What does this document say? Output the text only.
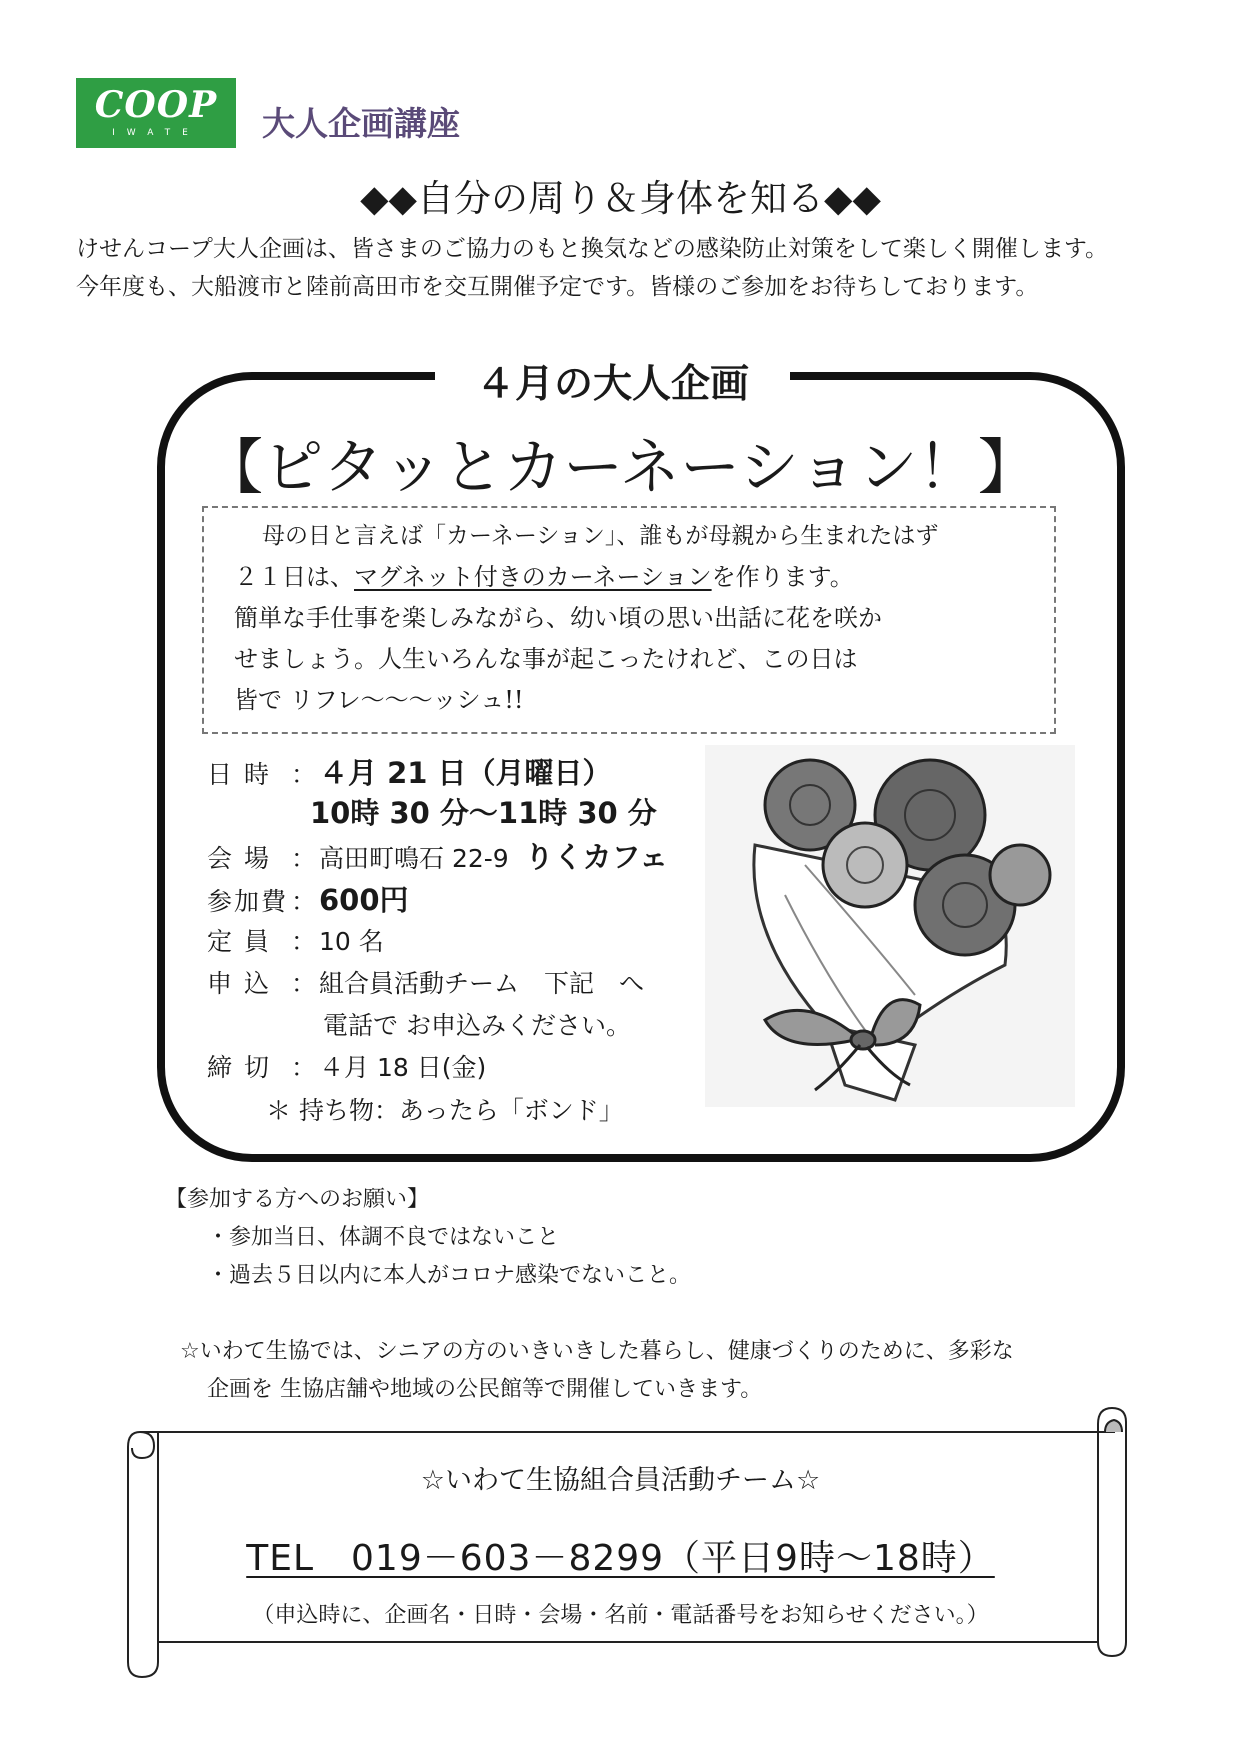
COOP
IWATE	大人企画講座
◆◆自分の周り＆身体を知る◆◆
けせんコープ大人企画は、皆さまのご協力のもと換気などの感染防止対策をして楽しく開催します。
今年度も、大船渡市と陸前高田市を交互開催予定です。皆様のご参加をお待ちしております。
４月の大人企画
【ピタッとカーネーション！】
母の日と言えば「カーネーション」、誰もが母親から生まれたはず
２１日は、マグネット付きのカーネーションを作ります。
簡単な手仕事を楽しみながら、幼い頃の思い出話に花を咲か
せましょう。人生いろんな事が起こったけれど、この日は
皆で リフレ～～～ッシュ!!
日 時 ： ４月 21 日（月曜日）
10時 30 分～11時 30 分
会 場 ： 高田町鳴石 22-9 りくカフェ
参加費 ： 600円
定 員 ： 10 名
申 込 ： 組合員活動チーム　下記　へ
電話で お申込みください。
締 切 ： ４月 18 日(金)
＊ 持ち物：あったら「ボンド」
【参加する方へのお願い】
・参加当日、体調不良ではないこと
・過去５日以内に本人がコロナ感染でないこと。
☆いわて生協では、シニアの方のいきいきした暮らし、健康づくりのために、多彩な
企画を 生協店舗や地域の公民館等で開催していきます。
☆いわて生協組合員活動チーム☆
TEL　019－603－8299（平日9時～18時）
（申込時に、企画名・日時・会場・名前・電話番号をお知らせください。）
